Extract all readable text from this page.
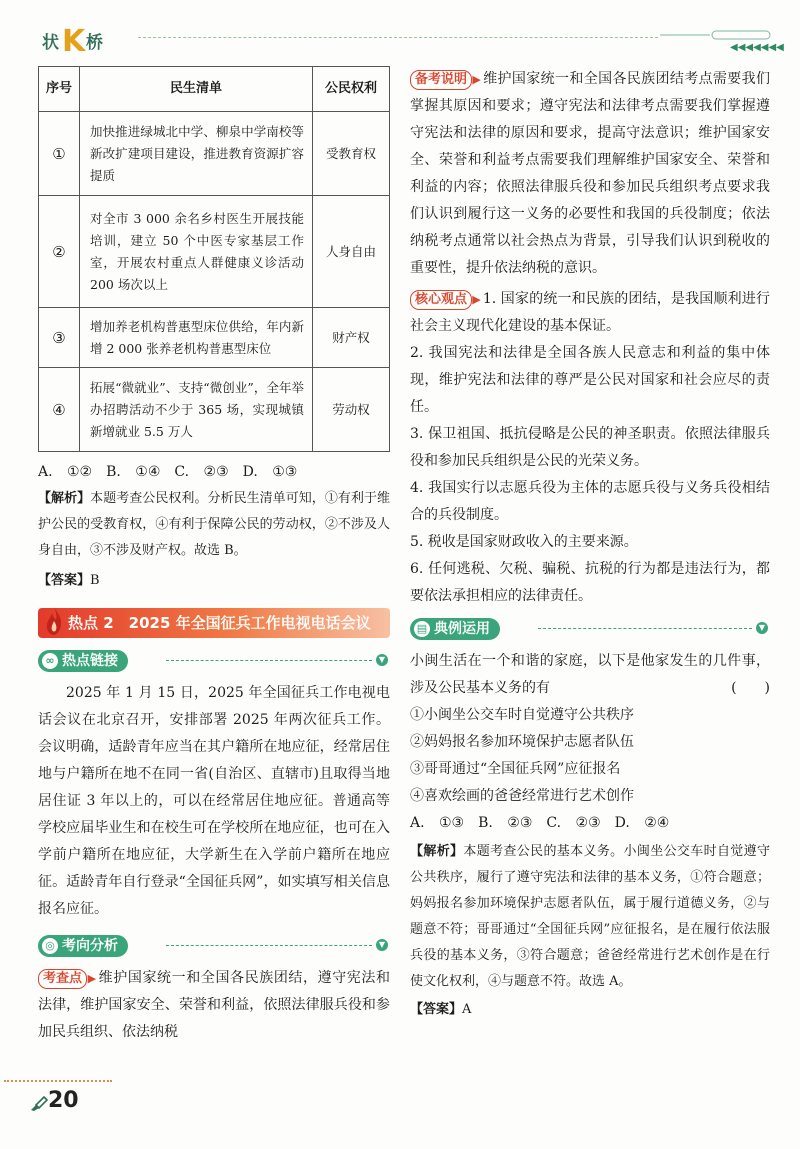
状 K 桥	◀◀◀◀◀◀◀
序号	民生清单	公民权利
①	加快推进绿城北中学、柳泉中学南校等新改扩建项目建设，推进教育资源扩容提质	受教育权
②	对全市 3 000 余名乡村医生开展技能培训，建立 50 个中医专家基层工作室，开展农村重点人群健康义诊活动 200 场次以上	人身自由
③	增加养老机构普惠型床位供给，年内新增 2 000 张养老机构普惠型床位	财产权
④	拓展“微就业”、支持“微创业”，全年举办招聘活动不少于 365 场，实现城镇新增就业 5.5 万人	劳动权
A. ①②　B. ①④　C. ②③　D. ①③
【解析】本题考查公民权利。分析民生清单可知，①有利于维护公民的受教育权，④有利于保障公民的劳动权，②不涉及人身自由，③不涉及财产权。故选 B。
【答案】B
热点 2　2025 年全国征兵工作电视电话会议
∞ 热点链接	▼
2025 年 1 月 15 日，2025 年全国征兵工作电视电话会议在北京召开，安排部署 2025 年两次征兵工作。会议明确，适龄青年应当在其户籍所在地应征，经常居住地与户籍所在地不在同一省(自治区、直辖市)且取得当地居住证 3 年以上的，可以在经常居住地应征。普通高等学校应届毕业生和在校生可在学校所在地应征，也可在入学前户籍所在地应征，大学新生在入学前户籍所在地应征。适龄青年自行登录“全国征兵网”，如实填写相关信息报名应征。
◎ 考向分析	▼
考查点 ▶ 维护国家统一和全国各民族团结，遵守宪法和法律，维护国家安全、荣誉和利益，依照法律服兵役和参加民兵组织、依法纳税
备考说明 ▶ 维护国家统一和全国各民族团结考点需要我们掌握其原因和要求；遵守宪法和法律考点需要我们掌握遵守宪法和法律的原因和要求，提高守法意识；维护国家安全、荣誉和利益考点需要我们理解维护国家安全、荣誉和利益的内容；依照法律服兵役和参加民兵组织考点要求我们认识到履行这一义务的必要性和我国的兵役制度；依法纳税考点通常以社会热点为背景，引导我们认识到税收的重要性，提升依法纳税的意识。
核心观点 ▶ 1. 国家的统一和民族的团结，是我国顺利进行社会主义现代化建设的基本保证。
2. 我国宪法和法律是全国各族人民意志和利益的集中体现，维护宪法和法律的尊严是公民对国家和社会应尽的责任。
3. 保卫祖国、抵抗侵略是公民的神圣职责。依照法律服兵役和参加民兵组织是公民的光荣义务。
4. 我国实行以志愿兵役为主体的志愿兵役与义务兵役相结合的兵役制度。
5. 税收是国家财政收入的主要来源。
6. 任何逃税、欠税、骗税、抗税的行为都是违法行为，都要依法承担相应的法律责任。
▤ 典例运用	▼
小闽生活在一个和谐的家庭，以下是他家发生的几件事，涉及公民基本义务的有	(　　)
①小闽坐公交车时自觉遵守公共秩序
②妈妈报名参加环境保护志愿者队伍
③哥哥通过“全国征兵网”应征报名
④喜欢绘画的爸爸经常进行艺术创作
A. ①③　B. ②③　C. ②③　D. ②④
【解析】本题考查公民的基本义务。小闽坐公交车时自觉遵守公共秩序，履行了遵守宪法和法律的基本义务，①符合题意；妈妈报名参加环境保护志愿者队伍，属于履行道德义务，②与题意不符；哥哥通过“全国征兵网”应征报名，是在履行依法服兵役的基本义务，③符合题意；爸爸经常进行艺术创作是在行使文化权利，④与题意不符。故选 A。
【答案】A
20
